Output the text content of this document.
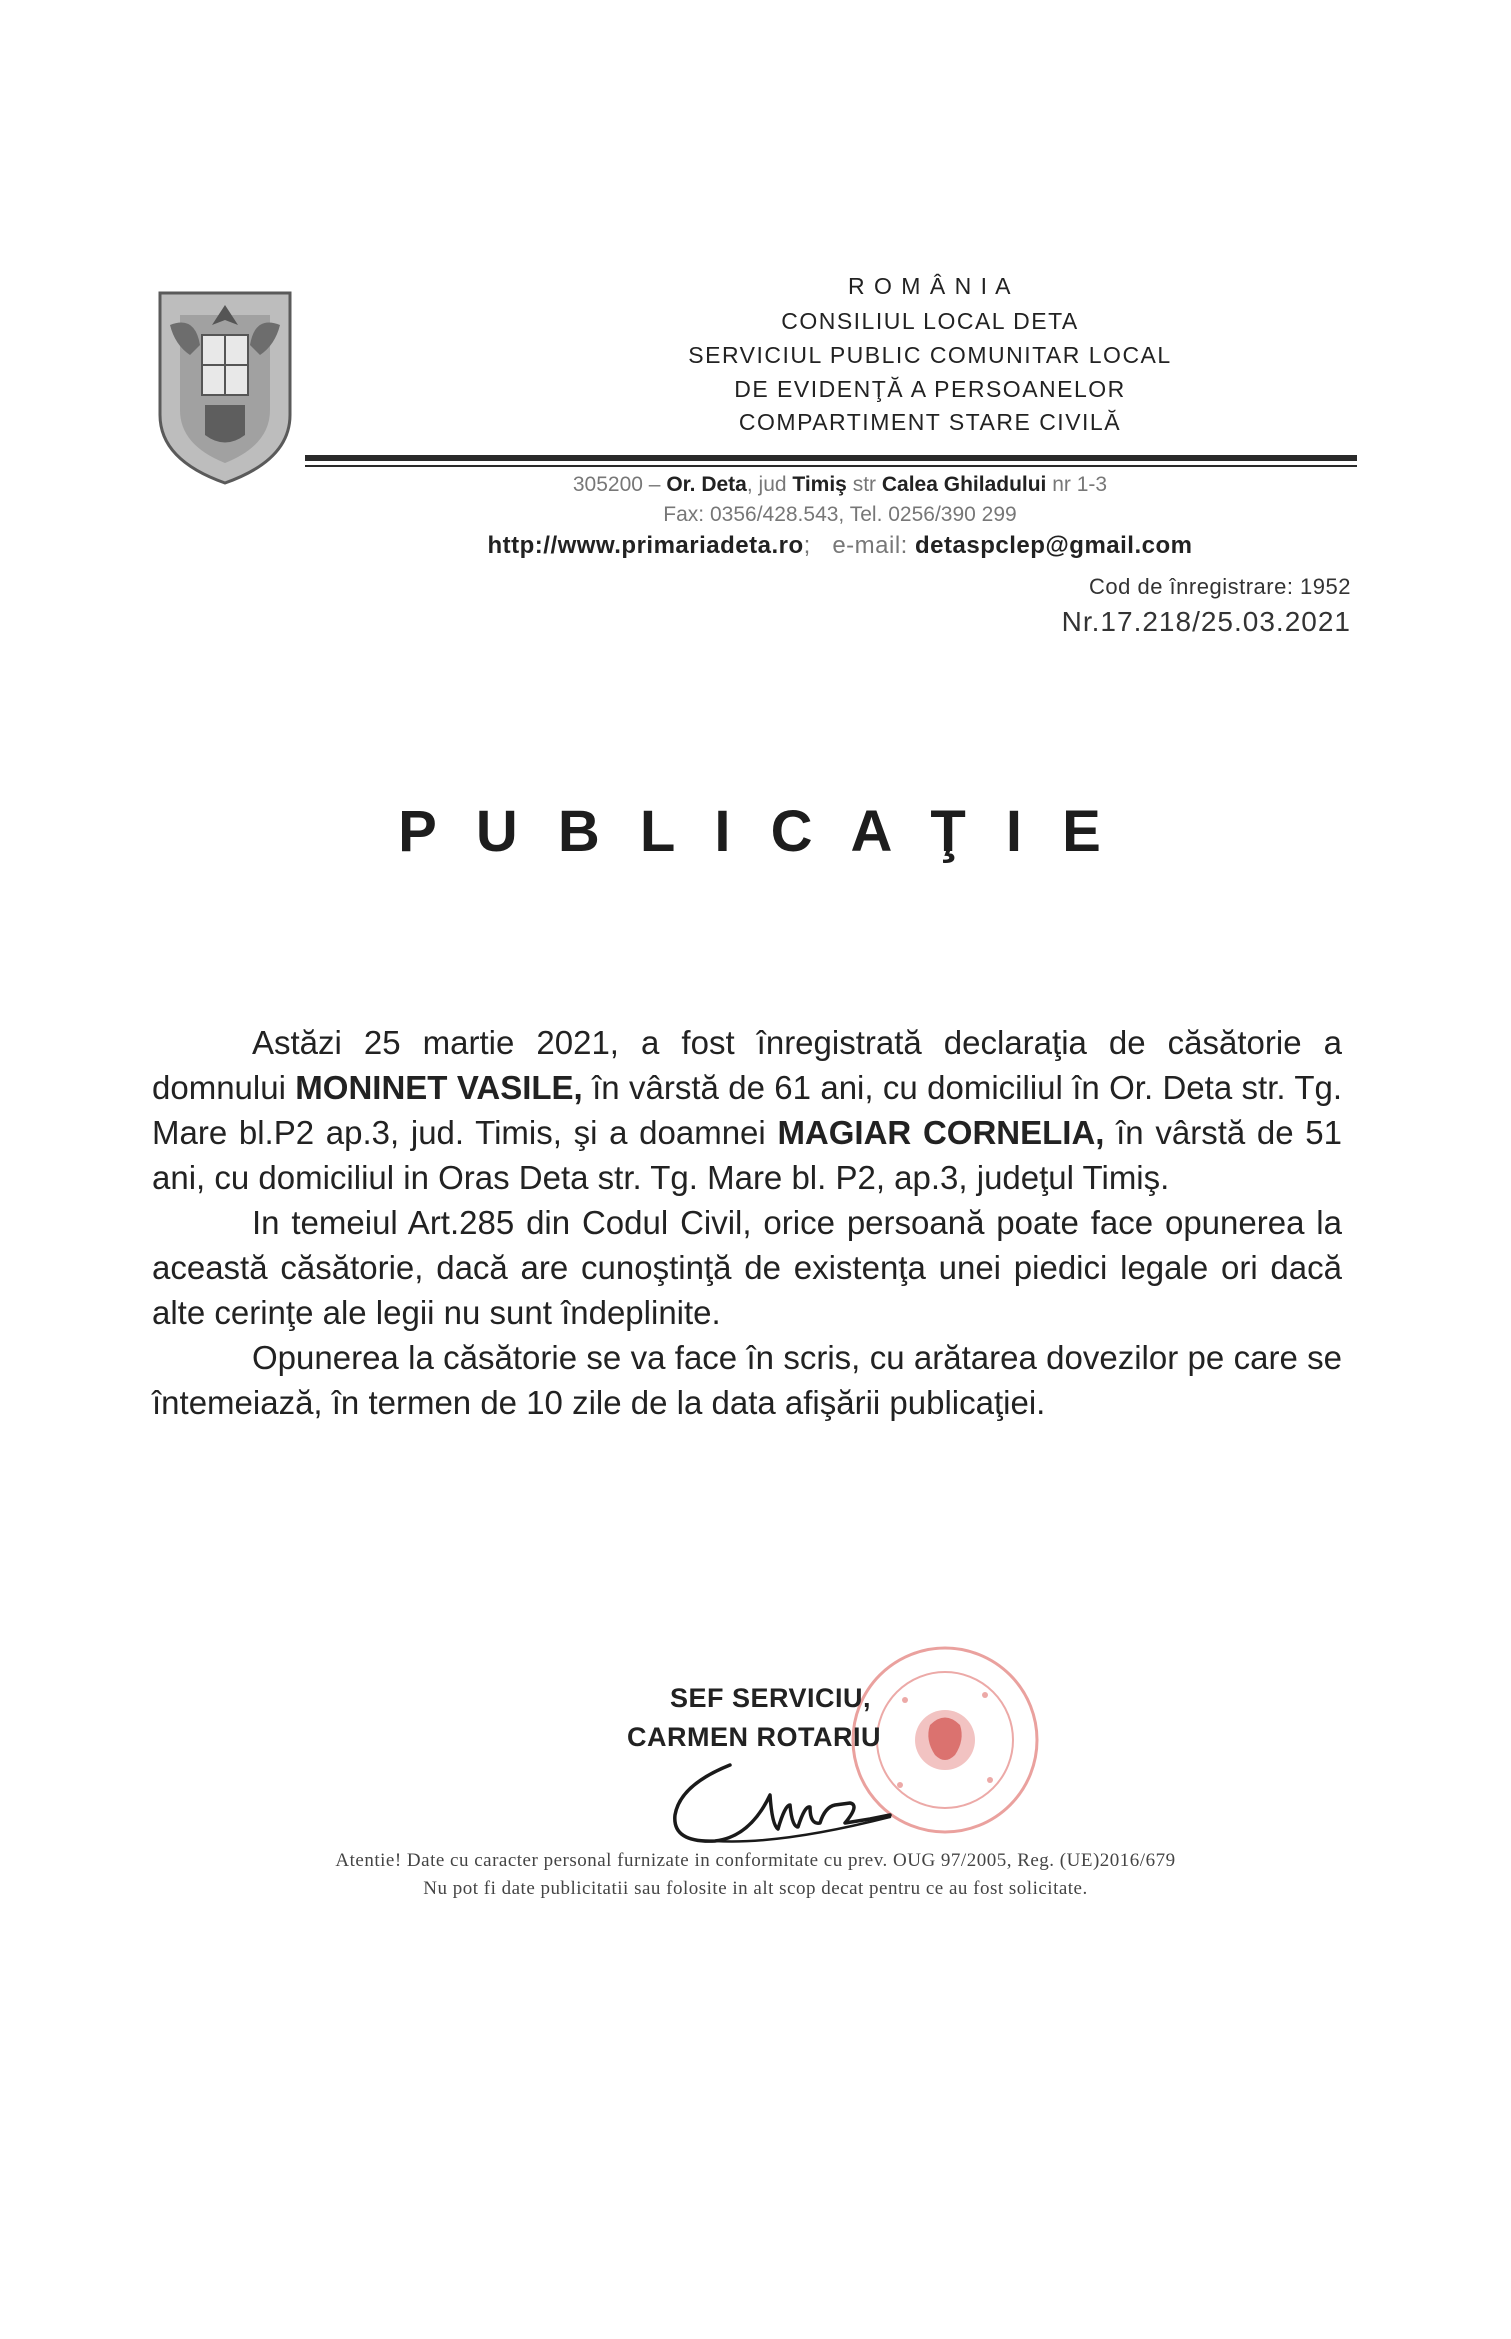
R O M Â N I A
CONSILIUL LOCAL DETA
SERVICIUL PUBLIC COMUNITAR LOCAL
DE EVIDENŢĂ A PERSOANELOR
COMPARTIMENT STARE CIVILĂ
305200 – Or. Deta, jud Timiş str Calea Ghiladului nr 1-3
Fax: 0356/428.543, Tel. 0256/390 299
http://www.primariadeta.ro;   e-mail: detaspclep@gmail.com
Cod de înregistrare: 1952
Nr.17.218/25.03.2021
P U B L I C A Ţ I E

Astăzi 25 martie 2021, a fost înregistrată declaraţia de căsătorie a domnului MONINET VASILE, în vârstă de 61 ani, cu domiciliul în Or. Deta str. Tg. Mare bl.P2 ap.3, jud. Timis, şi a doamnei MAGIAR CORNELIA, în vârstă de 51 ani, cu domiciliul in Oras Deta str. Tg. Mare bl. P2, ap.3, judeţul Timiş.

In temeiul Art.285 din Codul Civil, orice persoană poate face opunerea la această căsătorie, dacă are cunoştinţă de existenţa unei piedici legale ori dacă alte cerinţe ale legii nu sunt îndeplinite.

Opunerea la căsătorie se va face în scris, cu arătarea dovezilor pe care se întemeiază, în termen de 10 zile de la data afişării publicaţiei.

SEF SERVICIU,
CARMEN ROTARIU
Atentie! Date cu caracter personal furnizate in conformitate cu prev. OUG 97/2005, Reg. (UE)2016/679
Nu pot fi date publicitatii sau folosite in alt scop decat pentru ce au fost solicitate.
